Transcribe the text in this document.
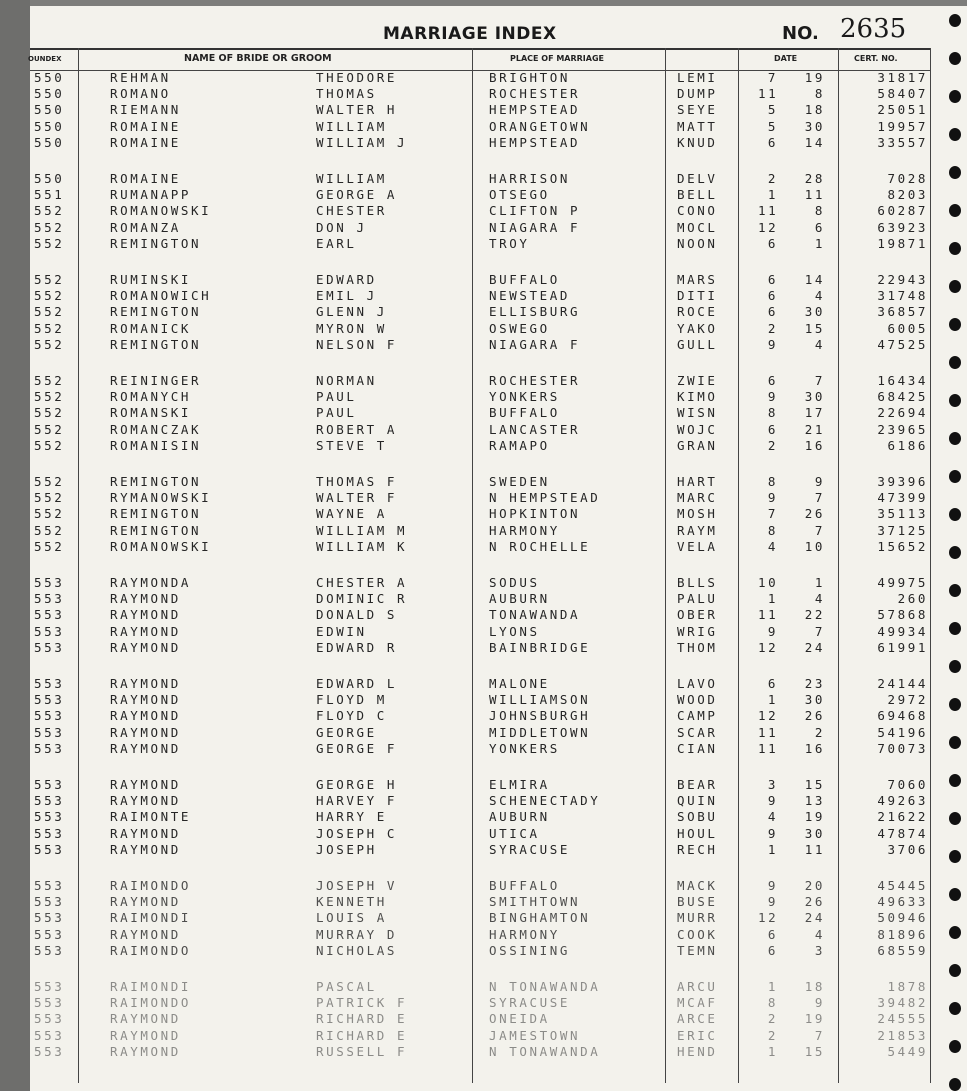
MARRIAGE INDEX	NO. 2635
OUNDEX	NAME OF BRIDE OR GROOM	PLACE OF MARRIAGE	DATE	CERT. NO.
550	REHMAN	THEODORE	BRIGHTON	LEMI	7	19	31817
550	ROMANO	THOMAS	ROCHESTER	DUMP	11	8	58407
550	RIEMANN	WALTER H	HEMPSTEAD	SEYE	5	18	25051
550	ROMAINE	WILLIAM	ORANGETOWN	MATT	5	30	19957
550	ROMAINE	WILLIAM J	HEMPSTEAD	KNUD	6	14	33557
550	ROMAINE	WILLIAM	HARRISON	DELV	2	28	7028
551	RUMANAPP	GEORGE A	OTSEGO	BELL	1	11	8203
552	ROMANOWSKI	CHESTER	CLIFTON P	CONO	11	8	60287
552	ROMANZA	DON J	NIAGARA F	MOCL	12	6	63923
552	REMINGTON	EARL	TROY	NOON	6	1	19871
552	RUMINSKI	EDWARD	BUFFALO	MARS	6	14	22943
552	ROMANOWICH	EMIL J	NEWSTEAD	DITI	6	4	31748
552	REMINGTON	GLENN J	ELLISBURG	ROCE	6	30	36857
552	ROMANICK	MYRON W	OSWEGO	YAKO	2	15	6005
552	REMINGTON	NELSON F	NIAGARA F	GULL	9	4	47525
552	REININGER	NORMAN	ROCHESTER	ZWIE	6	7	16434
552	ROMANYCH	PAUL	YONKERS	KIMO	9	30	68425
552	ROMANSKI	PAUL	BUFFALO	WISN	8	17	22694
552	ROMANCZAK	ROBERT A	LANCASTER	WOJC	6	21	23965
552	ROMANISIN	STEVE T	RAMAPO	GRAN	2	16	6186
552	REMINGTON	THOMAS F	SWEDEN	HART	8	9	39396
552	RYMANOWSKI	WALTER F	N HEMPSTEAD	MARC	9	7	47399
552	REMINGTON	WAYNE A	HOPKINTON	MOSH	7	26	35113
552	REMINGTON	WILLIAM M	HARMONY	RAYM	8	7	37125
552	ROMANOWSKI	WILLIAM K	N ROCHELLE	VELA	4	10	15652
553	RAYMONDA	CHESTER A	SODUS	BLLS	10	1	49975
553	RAYMOND	DOMINIC R	AUBURN	PALU	1	4	260
553	RAYMOND	DONALD S	TONAWANDA	OBER	11	22	57868
553	RAYMOND	EDWIN	LYONS	WRIG	9	7	49934
553	RAYMOND	EDWARD R	BAINBRIDGE	THOM	12	24	61991
553	RAYMOND	EDWARD L	MALONE	LAVO	6	23	24144
553	RAYMOND	FLOYD M	WILLIAMSON	WOOD	1	30	2972
553	RAYMOND	FLOYD C	JOHNSBURGH	CAMP	12	26	69468
553	RAYMOND	GEORGE	MIDDLETOWN	SCAR	11	2	54196
553	RAYMOND	GEORGE F	YONKERS	CIAN	11	16	70073
553	RAYMOND	GEORGE H	ELMIRA	BEAR	3	15	7060
553	RAYMOND	HARVEY F	SCHENECTADY	QUIN	9	13	49263
553	RAIMONTE	HARRY E	AUBURN	SOBU	4	19	21622
553	RAYMOND	JOSEPH C	UTICA	HOUL	9	30	47874
553	RAYMOND	JOSEPH	SYRACUSE	RECH	1	11	3706
553	RAIMONDO	JOSEPH V	BUFFALO	MACK	9	20	45445
553	RAYMOND	KENNETH	SMITHTOWN	BUSE	9	26	49633
553	RAIMONDI	LOUIS A	BINGHAMTON	MURR	12	24	50946
553	RAYMOND	MURRAY D	HARMONY	COOK	6	4	81896
553	RAIMONDO	NICHOLAS	OSSINING	TEMN	6	3	68559
553	RAIMONDI	PASCAL	N TONAWANDA	ARCU	1	18	1878
553	RAIMONDO	PATRICK F	SYRACUSE	MCAF	8	9	39482
553	RAYMOND	RICHARD E	ONEIDA	ARCE	2	19	24555
553	RAYMOND	RICHARD E	JAMESTOWN	ERIC	2	7	21853
553	RAYMOND	RUSSELL F	N TONAWANDA	HEND	1	15	5449
